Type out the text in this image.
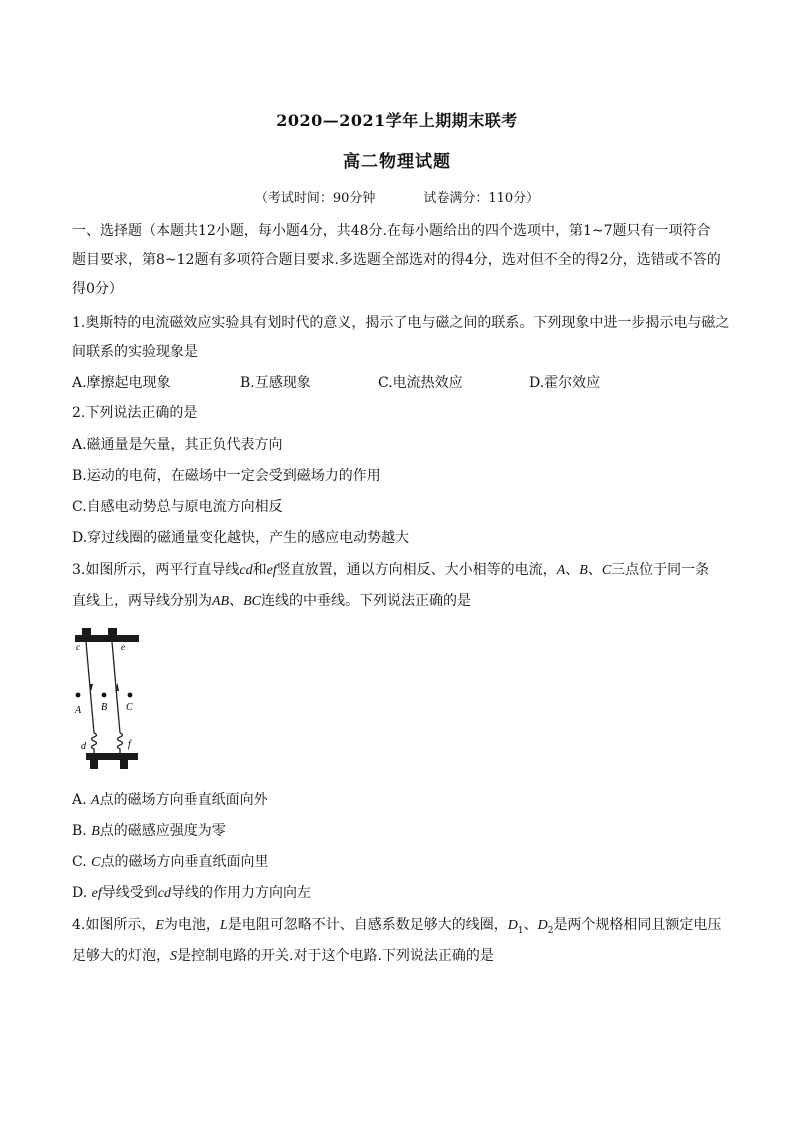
2020—2021学年上期期末联考
高二物理试题
（考试时间：90分钟	试卷满分：110分）
一、选择题（本题共12小题，每小题4分，共48分.在每小题给出的四个选项中，第1~7题只有一项符合
题目要求，第8~12题有多项符合题目要求.多选题全部选对的得4分，选对但不全的得2分，选错或不答的
得0分）
1.奥斯特的电流磁效应实验具有划时代的意义，揭示了电与磁之间的联系。下列现象中进一步揭示电与磁之
间联系的实验现象是
A.摩擦起电现象	B.互感现象	C.电流热效应	D.霍尔效应
2.下列说法正确的是
A.磁通量是矢量，其正负代表方向
B.运动的电荷，在磁场中一定会受到磁场力的作用
C.自感电动势总与原电流方向相反
D.穿过线圈的磁通量变化越快，产生的感应电动势越大
3.如图所示，两平行直导线cd和ef竖直放置，通以方向相反、大小相等的电流，A、B、C三点位于同一条
直线上，两导线分别为AB、BC连线的中垂线。下列说法正确的是
c	e
A B C
d	f
A. A点的磁场方向垂直纸面向外
B. B点的磁感应强度为零
C. C点的磁场方向垂直纸面向里
D. ef导线受到cd导线的作用力方向向左
4.如图所示，E为电池，L是电阻可忽略不计、自感系数足够大的线圈，$D_1$、$D_2$是两个规格相同且额定电压
足够大的灯泡，S是控制电路的开关.对于这个电路.下列说法正确的是
